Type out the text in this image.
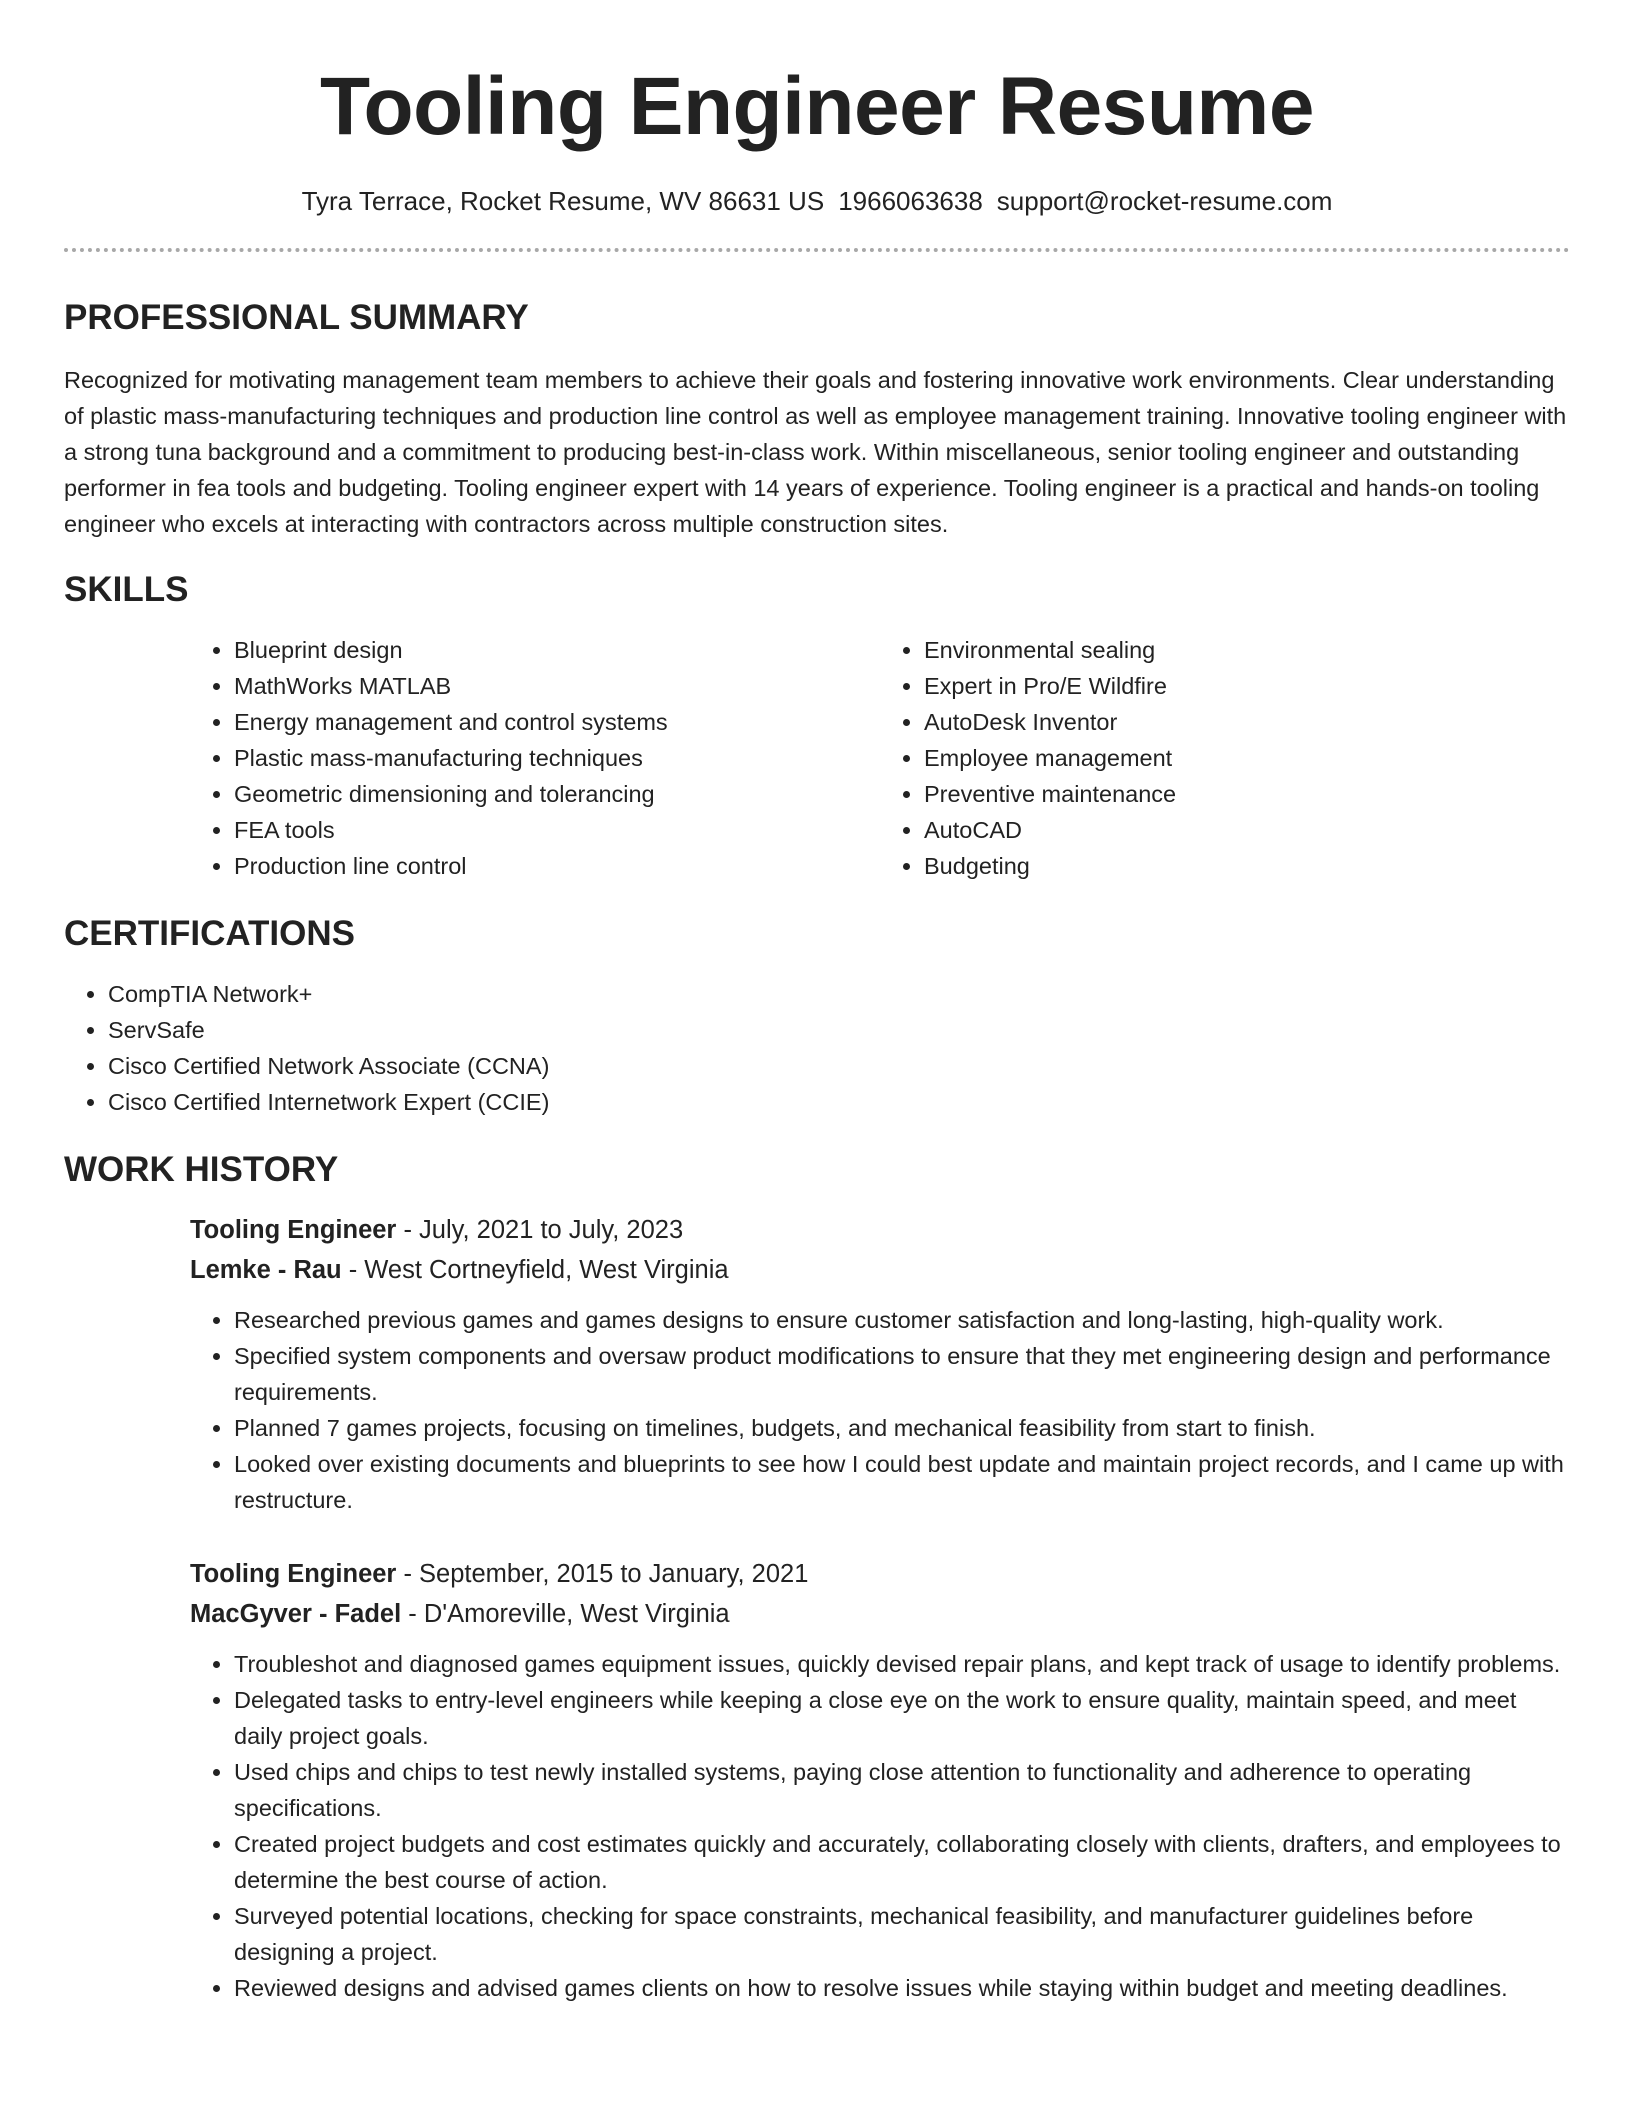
Tooling Engineer Resume
Tyra Terrace, Rocket Resume, WV 86631 US 1966063638 support@rocket-resume.com
PROFESSIONAL SUMMARY

Recognized for motivating management team members to achieve their goals and fostering innovative work environments. Clear understanding of plastic mass-manufacturing techniques and production line control as well as employee management training. Innovative tooling engineer with a strong tuna background and a commitment to producing best-in-class work. Within miscellaneous, senior tooling engineer and outstanding performer in fea tools and budgeting. Tooling engineer expert with 14 years of experience. Tooling engineer is a practical and hands-on tooling engineer who excels at interacting with contractors across multiple construction sites.

SKILLS
• Blueprint design
• MathWorks MATLAB
• Energy management and control systems
• Plastic mass-manufacturing techniques
• Geometric dimensioning and tolerancing
• FEA tools
• Production line control
• Environmental sealing
• Expert in Pro/E Wildfire
• AutoDesk Inventor
• Employee management
• Preventive maintenance
• AutoCAD
• Budgeting
CERTIFICATIONS
• CompTIA Network+
• ServSafe
• Cisco Certified Network Associate (CCNA)
• Cisco Certified Internetwork Expert (CCIE)
WORK HISTORY
Tooling Engineer - July, 2021 to July, 2023
Lemke - Rau - West Cortneyfield, West Virginia
• Researched previous games and games designs to ensure customer satisfaction and long-lasting, high-quality work.
• Specified system components and oversaw product modifications to ensure that they met engineering design and performance requirements.
• Planned 7 games projects, focusing on timelines, budgets, and mechanical feasibility from start to finish.
• Looked over existing documents and blueprints to see how I could best update and maintain project records, and I came up with restructure.
Tooling Engineer - September, 2015 to January, 2021
MacGyver - Fadel - D'Amoreville, West Virginia
• Troubleshot and diagnosed games equipment issues, quickly devised repair plans, and kept track of usage to identify problems.
• Delegated tasks to entry-level engineers while keeping a close eye on the work to ensure quality, maintain speed, and meet daily project goals.
• Used chips and chips to test newly installed systems, paying close attention to functionality and adherence to operating specifications.
• Created project budgets and cost estimates quickly and accurately, collaborating closely with clients, drafters, and employees to determine the best course of action.
• Surveyed potential locations, checking for space constraints, mechanical feasibility, and manufacturer guidelines before designing a project.
• Reviewed designs and advised games clients on how to resolve issues while staying within budget and meeting deadlines.
